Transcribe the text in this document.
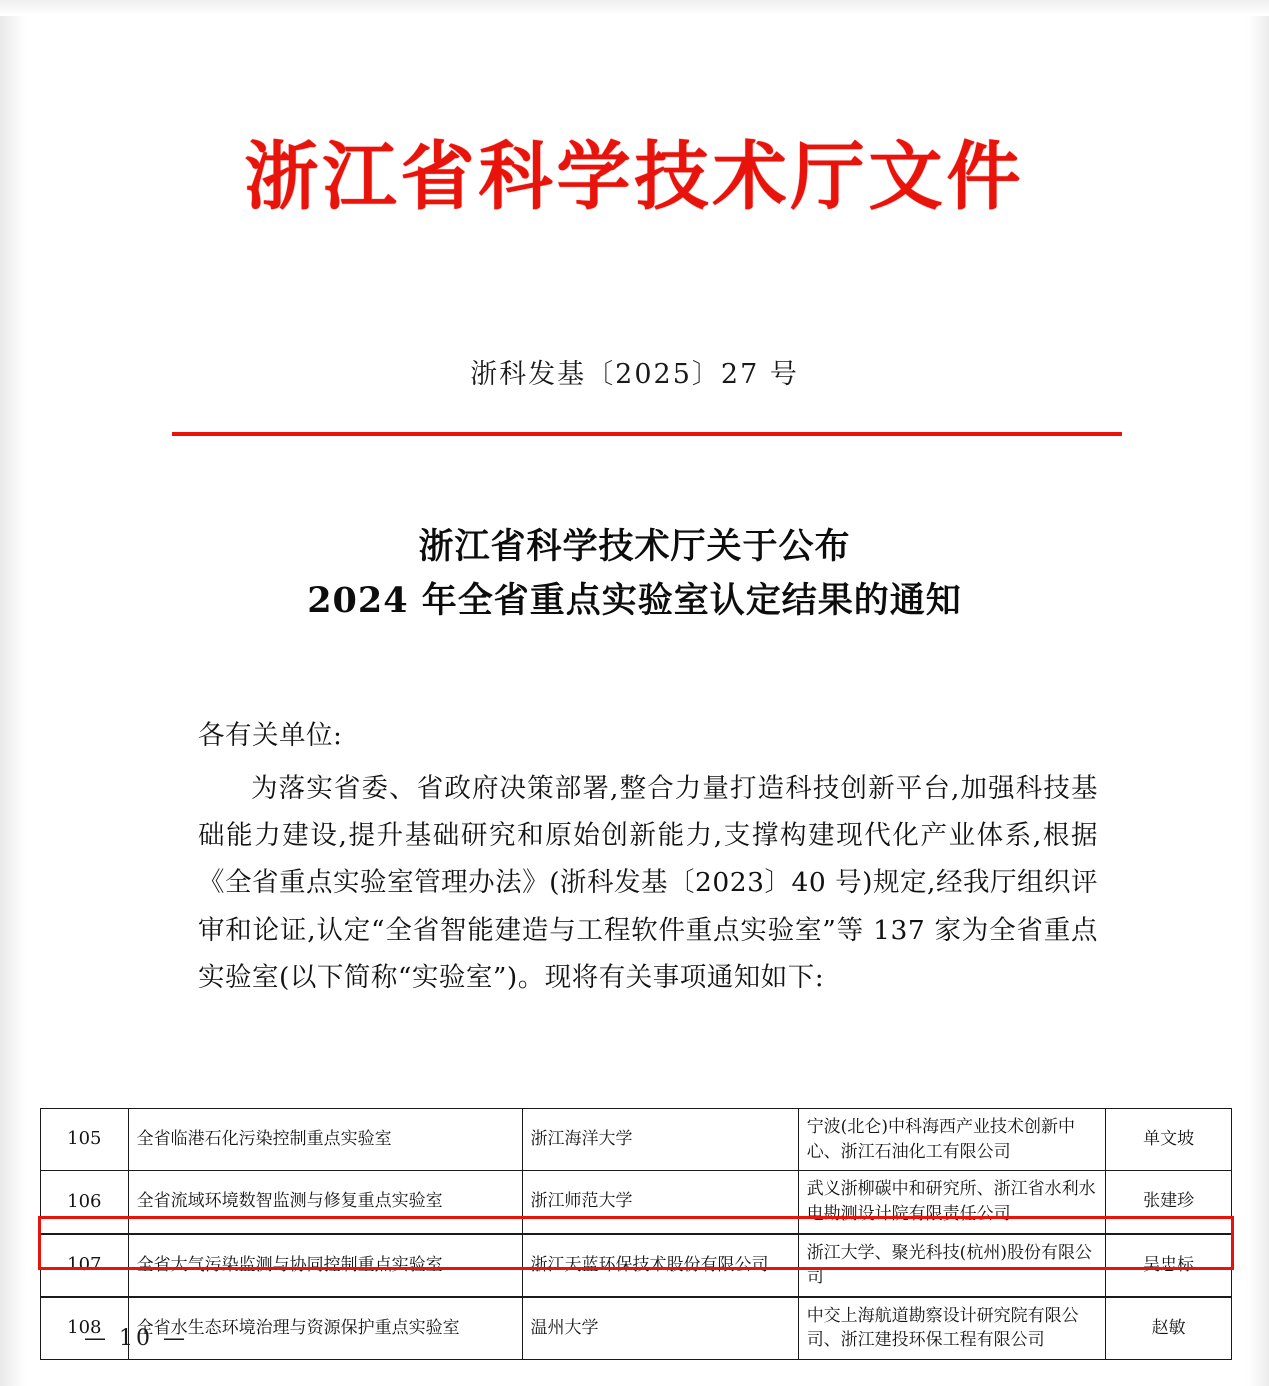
浙江省科学技术厅文件
浙科发基〔2025〕27 号
浙江省科学技术厅关于公布
2024 年全省重点实验室认定结果的通知

各有关单位:

为落实省委、省政府决策部署,整合力量打造科技创新平台,加强科技基础能力建设,提升基础研究和原始创新能力,支撑构建现代化产业体系,根据《全省重点实验室管理办法》(浙科发基〔2023〕40 号)规定,经我厅组织评审和论证,认定“全省智能建造与工程软件重点实验室”等 137 家为全省重点实验室(以下简称“实验室”)。现将有关事项通知如下:

105	全省临港石化污染控制重点实验室	浙江海洋大学	宁波(北仑)中科海西产业技术创新中心、浙江石油化工有限公司	单文坡
106	全省流域环境数智监测与修复重点实验室	浙江师范大学	武义浙柳碳中和研究所、浙江省水利水电勘测设计院有限责任公司	张建珍
107	全省大气污染监测与协同控制重点实验室	浙江天蓝环保技术股份有限公司	浙江大学、聚光科技(杭州)股份有限公司	吴忠标
108	全省水生态环境治理与资源保护重点实验室	温州大学	中交上海航道勘察设计研究院有限公司、浙江建投环保工程有限公司	赵敏
— 10 —
